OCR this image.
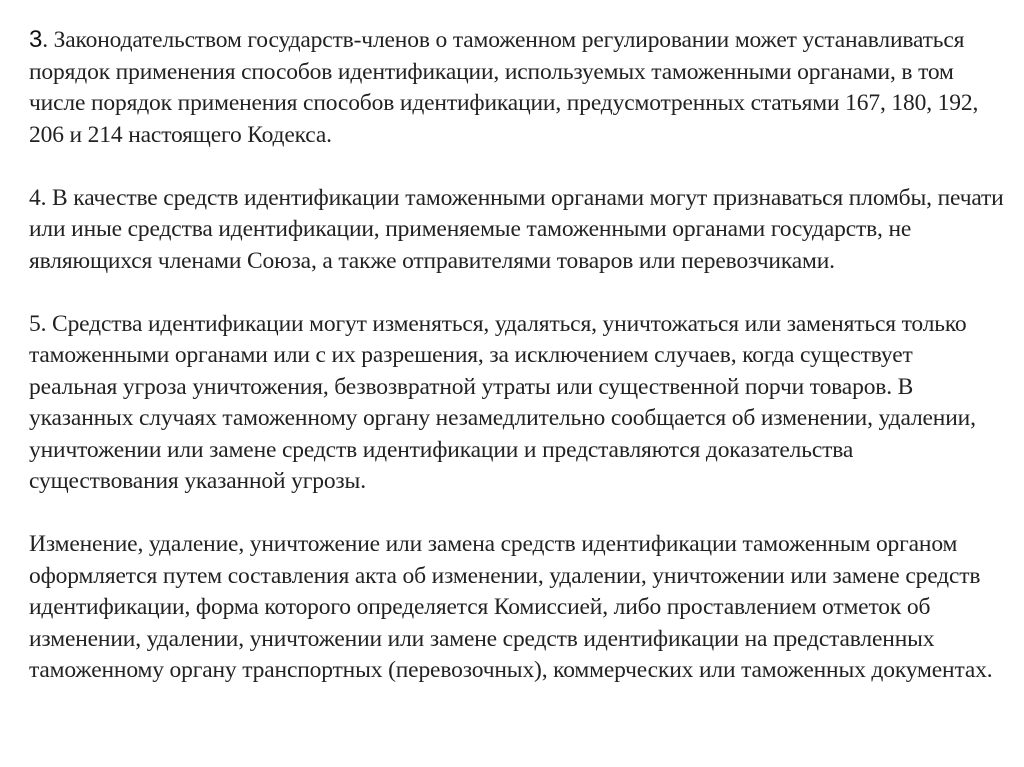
3. Законодательством государств-членов о таможенном регулировании может устанавливаться порядок применения способов идентификации, используемых таможенными органами, в том числе порядок применения способов идентификации, предусмотренных статьями 167, 180, 192, 206 и 214 настоящего Кодекса.

4. В качестве средств идентификации таможенными органами могут признаваться пломбы, печати или иные средства идентификации, применяемые таможенными органами государств, не являющихся членами Союза, а также отправителями товаров или перевозчиками.

5. Средства идентификации могут изменяться, удаляться, уничтожаться или заменяться только таможенными органами или с их разрешения, за исключением случаев, когда существует реальная угроза уничтожения, безвозвратной утраты или существенной порчи товаров. В указанных случаях таможенному органу незамедлительно сообщается об изменении, удалении, уничтожении или замене средств идентификации и представляются доказательства существования указанной угрозы.

Изменение, удаление, уничтожение или замена средств идентификации таможенным органом оформляется путем составления акта об изменении, удалении, уничтожении или замене средств идентификации, форма которого определяется Комиссией, либо проставлением отметок об изменении, удалении, уничтожении или замене средств идентификации на представленных таможенному органу транспортных (перевозочных), коммерческих или таможенных документах.
